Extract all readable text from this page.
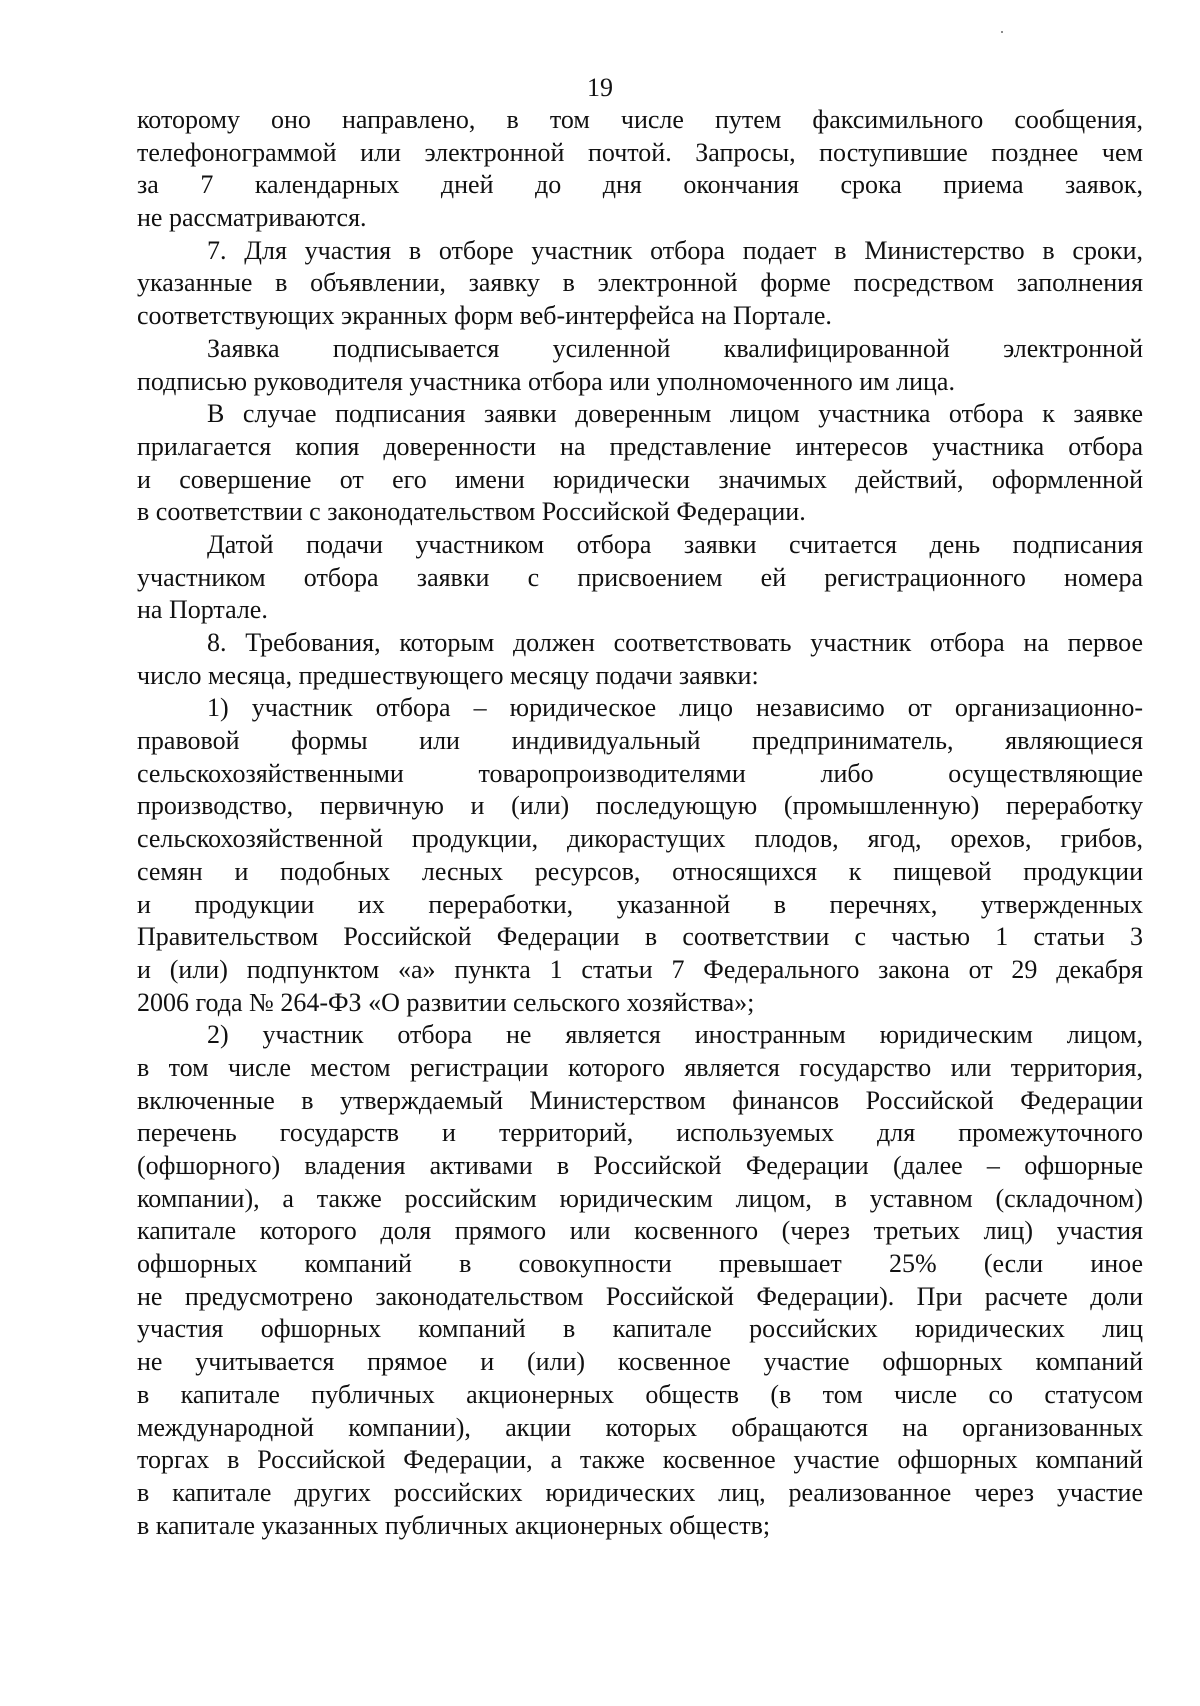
19
которому оно направлено, в том числе путем факсимильного сообщения,
телефонограммой или электронной почтой. Запросы, поступившие позднее чем
за 7 календарных дней до дня окончания срока приема заявок,
не рассматриваются.
7. Для участия в отборе участник отбора подает в Министерство в сроки,
указанные в объявлении, заявку в электронной форме посредством заполнения
соответствующих экранных форм веб-интерфейса на Портале.
Заявка подписывается усиленной квалифицированной электронной
подписью руководителя участника отбора или уполномоченного им лица.
В случае подписания заявки доверенным лицом участника отбора к заявке
прилагается копия доверенности на представление интересов участника отбора
и совершение от его имени юридически значимых действий, оформленной
в соответствии с законодательством Российской Федерации.
Датой подачи участником отбора заявки считается день подписания
участником отбора заявки с присвоением ей регистрационного номера
на Портале.
8. Требования, которым должен соответствовать участник отбора на первое
число месяца, предшествующего месяцу подачи заявки:
1) участник отбора – юридическое лицо независимо от организационно-
правовой формы или индивидуальный предприниматель, являющиеся
сельскохозяйственными товаропроизводителями либо осуществляющие
производство, первичную и (или) последующую (промышленную) переработку
сельскохозяйственной продукции, дикорастущих плодов, ягод, орехов, грибов,
семян и подобных лесных ресурсов, относящихся к пищевой продукции
и продукции их переработки, указанной в перечнях, утвержденных
Правительством Российской Федерации в соответствии с частью 1 статьи 3
и (или) подпунктом «а» пункта 1 статьи 7 Федерального закона от 29 декабря
2006 года № 264-ФЗ «О развитии сельского хозяйства»;
2) участник отбора не является иностранным юридическим лицом,
в том числе местом регистрации которого является государство или территория,
включенные в утверждаемый Министерством финансов Российской Федерации
перечень государств и территорий, используемых для промежуточного
(офшорного) владения активами в Российской Федерации (далее – офшорные
компании), а также российским юридическим лицом, в уставном (складочном)
капитале которого доля прямого или косвенного (через третьих лиц) участия
офшорных компаний в совокупности превышает 25% (если иное
не предусмотрено законодательством Российской Федерации). При расчете доли
участия офшорных компаний в капитале российских юридических лиц
не учитывается прямое и (или) косвенное участие офшорных компаний
в капитале публичных акционерных обществ (в том числе со статусом
международной компании), акции которых обращаются на организованных
торгах в Российской Федерации, а также косвенное участие офшорных компаний
в капитале других российских юридических лиц, реализованное через участие
в капитале указанных публичных акционерных обществ;
